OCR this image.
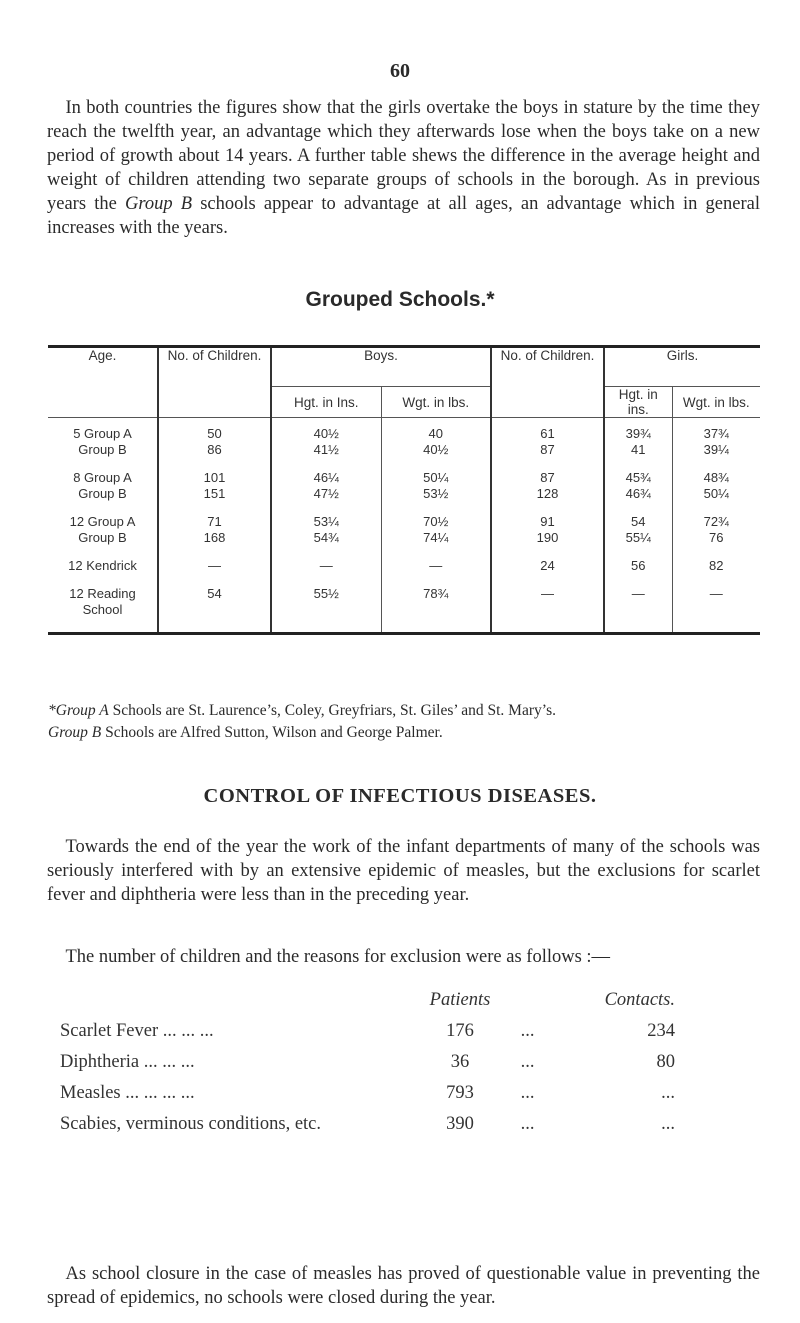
60
 In both countries the figures show that the girls overtake the boys in stature by the time they reach the twelfth year, an advantage which they afterwards lose when the boys take on a new period of growth about 14 years. A further table shews the difference in the average height and weight of children attending two separate groups of schools in the borough. As in previous years the Group B schools appear to advantage at all ages, an advantage which in general increases with the years.
Grouped Schools.*
Age.	No. of Children.	Boys.		No. of Children.	Girls.	
		Hgt. in Ins.	Wgt. in lbs.		Hgt. in ins.	Wgt. in lbs.

5 Group A	50	40½	40	61	39¾	37¾
Group B	86	41½	40½	87	41	39¼
8 Group A	101	46¼	50¼	87	45¾	48¾
Group B	151	47½	53½	128	46¾	50¼
12 Group A	71	53¼	70½	91	54	72¾
Group B	168	54¾	74¼	190	55¼	76
12 Kendrick	—	—	—	24	56	82
12 Reading
School	54	55½	78¾	—	—	—
*Group A Schools are St. Laurence’s, Coley, Greyfriars, St. Giles’ and St. Mary’s.
Group B Schools are Alfred Sutton, Wilson and George Palmer.
CONTROL OF INFECTIOUS DISEASES.
 Towards the end of the year the work of the infant departments of many of the schools was seriously interfered with by an extensive epidemic of measles, but the exclusions for scarlet fever and diphtheria were less than in the preceding year.
 The number of children and the reasons for exclusion were as follows :—
	Patients		Contacts.
Scarlet Fever ... ... ...	176	...	234
Diphtheria ... ... ...	36	...	80
Measles ... ... ... ...	793	...	...
Scabies, verminous conditions, etc.	390	...	...
 As school closure in the case of measles has proved of questionable value in preventing the spread of epidemics, no schools were closed during the year.
